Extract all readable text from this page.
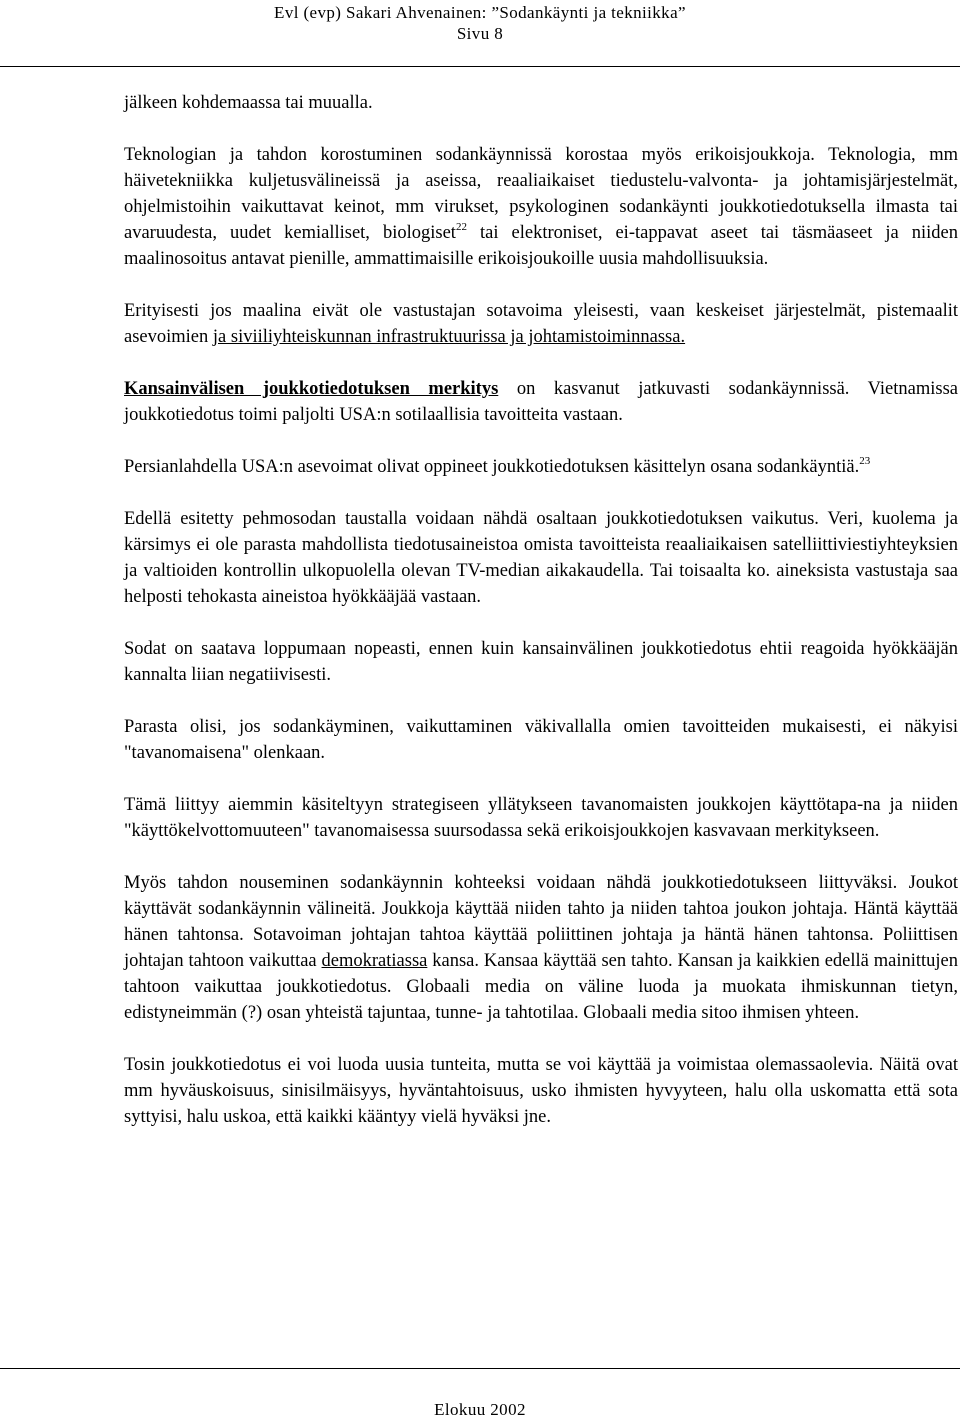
Evl (evp) Sakari Ahvenainen: ”Sodankäynti ja tekniikka”
Sivu 8

jälkeen kohdemaassa tai muualla.

Teknologian ja tahdon korostuminen sodankäynnissä korostaa myös erikoisjoukkoja. Teknologia, mm häivetekniikka kuljetusvälineissä ja aseissa, reaaliaikaiset tiedustelu-valvonta- ja johtamisjärjestelmät, ohjelmistoihin vaikuttavat keinot, mm virukset, psykologinen sodankäynti joukkotiedotuksella ilmasta tai avaruudesta, uudet kemialliset, biologiset$^{22}$ tai elektroniset, ei-tappavat aseet tai täsmäaseet ja niiden maalinosoitus antavat pienille, ammattimaisille erikoisjoukoille uusia mahdollisuuksia.

Erityisesti jos maalina eivät ole vastustajan sotavoima yleisesti, vaan keskeiset järjestelmät, pistemaalit asevoimien ja siviiliyhteiskunnan infrastruktuurissa ja johtamistoiminnassa.

Kansainvälisen joukkotiedotuksen merkitys on kasvanut jatkuvasti sodankäynnissä. Vietnamissa joukkotiedotus toimi paljolti USA:n sotilaallisia tavoitteita vastaan.

Persianlahdella USA:n asevoimat olivat oppineet joukkotiedotuksen käsittelyn osana sodankäyntiä.$^{23}$

Edellä esitetty pehmosodan taustalla voidaan nähdä osaltaan joukkotiedotuksen vaikutus. Veri, kuolema ja kärsimys ei ole parasta mahdollista tiedotusaineistoa omista tavoitteista reaaliaikaisen satelliittiviestiyhteyksien ja valtioiden kontrollin ulkopuolella olevan TV-median aikakaudella. Tai toisaalta ko. aineksista vastustaja saa helposti tehokasta aineistoa hyökkääjää vastaan.

Sodat on saatava loppumaan nopeasti, ennen kuin kansainvälinen joukkotiedotus ehtii reagoida hyökkääjän kannalta liian negatiivisesti.

Parasta olisi, jos sodankäyminen, vaikuttaminen väkivallalla omien tavoitteiden mukaisesti, ei näkyisi "tavanomaisena" olenkaan.

Tämä liittyy aiemmin käsiteltyyn strategiseen yllätykseen tavanomaisten joukkojen käyttötapa-na ja niiden "käyttökelvottomuuteen" tavanomaisessa suursodassa sekä erikoisjoukkojen kasvavaan merkitykseen.

Myös tahdon nouseminen sodankäynnin kohteeksi voidaan nähdä joukkotiedotukseen liittyväksi. Joukot käyttävät sodankäynnin välineitä. Joukkoja käyttää niiden tahto ja niiden tahtoa joukon johtaja. Häntä käyttää hänen tahtonsa. Sotavoiman johtajan tahtoa käyttää poliittinen johtaja ja häntä hänen tahtonsa. Poliittisen johtajan tahtoon vaikuttaa demokratiassa kansa. Kansaa käyttää sen tahto. Kansan ja kaikkien edellä mainittujen tahtoon vaikuttaa joukkotiedotus. Globaali media on väline luoda ja muokata ihmiskunnan tietyn, edistyneimmän (?) osan yhteistä tajuntaa, tunne- ja tahtotilaa. Globaali media sitoo ihmisen yhteen.

Tosin joukkotiedotus ei voi luoda uusia tunteita, mutta se voi käyttää ja voimistaa olemassaolevia. Näitä ovat mm hyväuskoisuus, sinisilmäisyys, hyväntahtoisuus, usko ihmisten hyvyyteen, halu olla uskomatta että sota syttyisi, halu uskoa, että kaikki kääntyy vielä hyväksi jne.

Elokuu 2002
